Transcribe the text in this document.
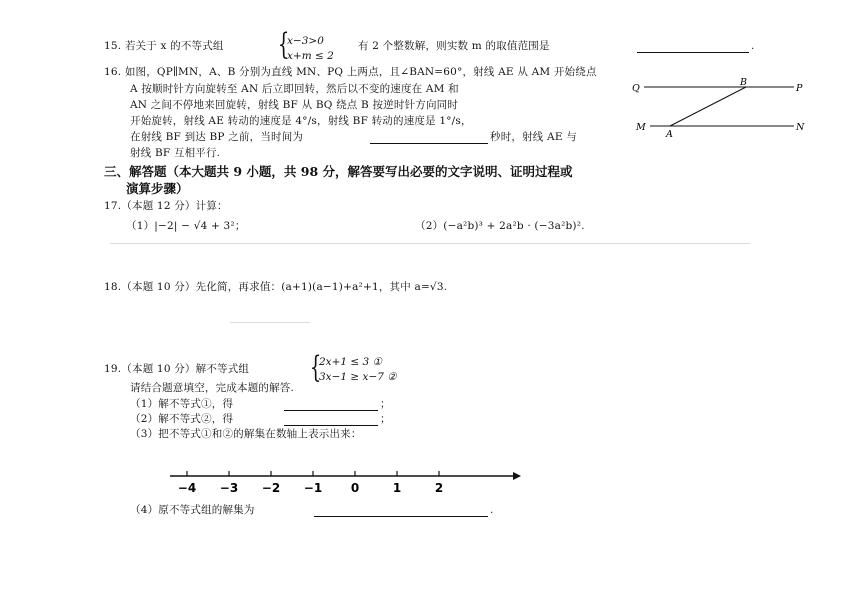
15. 若关于 x 的不等式组 {
x−3>0
x+m ≤ 2
有 2 个整数解，则实数 m 的取值范围是	.
16. 如图，QP∥MN，A、B 分别为直线 MN、PQ 上两点，且∠BAN=60°，射线 AE 从 AM 开始绕点
A 按顺时针方向旋转至 AN 后立即回转，然后以不变的速度在 AM 和
AN 之间不停地来回旋转，射线 BF 从 BQ 绕点 B 按逆时针方向同时
开始旋转，射线 AE 转动的速度是 4°/s，射线 BF 转动的速度是 1°/s，
在射线 BF 到达 BP 之前，当时间为	秒时，射线 AE 与
射线 BF 互相平行.
Q
B
P
M
A
N
三、解答题（本大题共 9 小题，共 98 分，解答要写出必要的文字说明、证明过程或
演算步骤）
17.（本题 12 分）计算：
（1）|−2| − √4 + 3²；	（2）(−a²b)³ + 2a²b · (−3a²b)².
18.（本题 10 分）先化简，再求值：(a+1)(a−1)+a²+1，其中 a=√3.
19.（本题 10 分）解不等式组 {
2x+1 ≤ 3 ①
3x−1 ≥ x−7 ②
请结合题意填空，完成本题的解答.
（1）解不等式①，得	；
（2）解不等式②，得	；
（3）把不等式①和②的解集在数轴上表示出来：
−4 −3 −2 −1 0	1	2
（4）原不等式组的解集为	.
